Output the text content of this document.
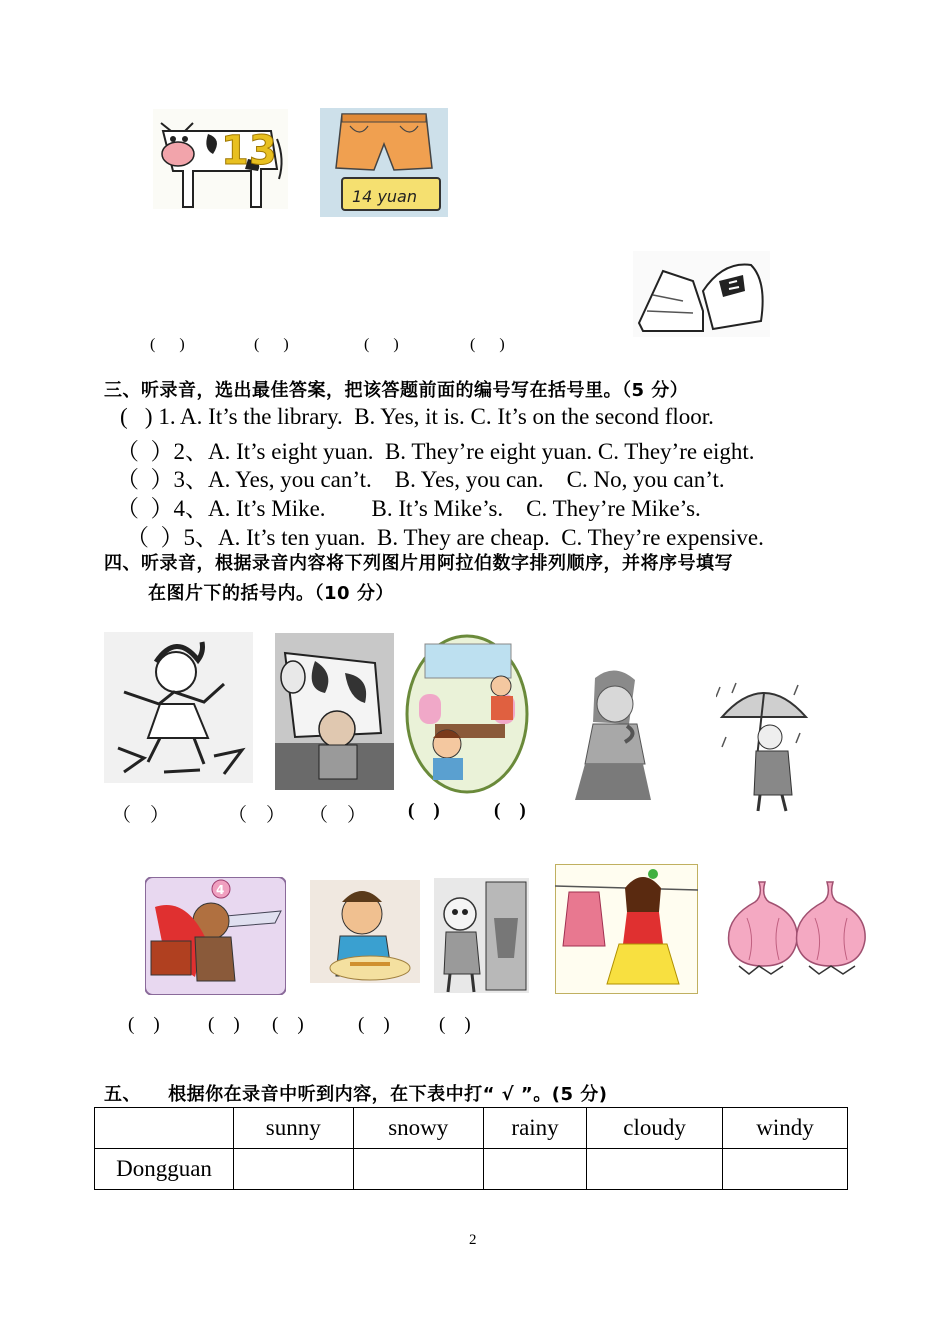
13
14 yuan
(      )	(      )	(      )	(      )
三、听录音，选出最佳答案，把该答题前面的编号写在括号里。（5 分）
(   ) 1. A. It’s the library.  B. Yes, it is. C. It’s on the second floor.
（  ）2、A. It’s eight yuan.  B. They’re eight yuan. C. They’re eight.
（  ）3、A. Yes, you can’t.    B. Yes, you can.    C. No, you can’t.
（  ）4、A. It’s Mike.        B. It’s Mike’s.    C. They’re Mike’s.
（  ）5、A. It’s ten yuan.  B. They are cheap.  C. They’re expensive.
四、听录音，根据录音内容将下列图片用阿拉伯数字排列顺序，并将序号填写
在图片下的括号内。（10 分）
（    ）	（    ） （    ） (    )	(    )
4
(    )	(    ) (    )	(    )	(    )
五、    根据你在录音中听到内容，在下表中打“ √ ”。(5 分)
	sunny	snowy	rainy	cloudy	windy
Dongguan					
2
